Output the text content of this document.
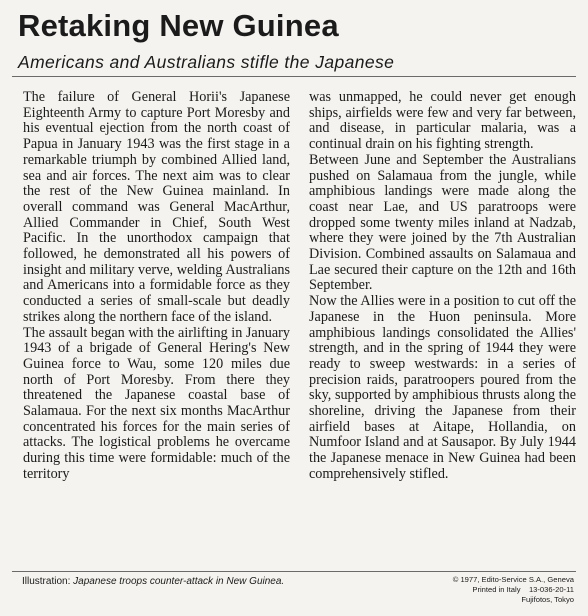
Retaking New Guinea
Americans and Australians stifle the Japanese

The failure of General Horii's Japanese Eighteenth Army to capture Port Moresby and his eventual ejection from the north coast of Papua in January 1943 was the first stage in a remarkable triumph by combined Allied land, sea and air forces. The next aim was to clear the rest of the New Guinea mainland. In overall command was General MacArthur, Allied Commander in Chief, South West Pacific. In the unorthodox campaign that followed, he demonstrated all his powers of insight and military verve, welding Australians and Americans into a formidable force as they conducted a series of small-scale but deadly strikes along the northern face of the island.

The assault began with the airlifting in January 1943 of a brigade of General Hering's New Guinea force to Wau, some 120 miles due north of Port Moresby. From there they threatened the Japanese coastal base of Salamaua. For the next six months MacArthur concentrated his forces for the main series of attacks. The logistical problems he overcame during this time were formidable: much of the territory

was unmapped, he could never get enough ships, airfields were few and very far between, and disease, in particular malaria, was a continual drain on his fighting strength.

Between June and September the Australians pushed on Salamaua from the jungle, while amphibious landings were made along the coast near Lae, and US paratroops were dropped some twenty miles inland at Nadzab, where they were joined by the 7th Australian Division. Combined assaults on Salamaua and Lae secured their capture on the 12th and 16th September.

Now the Allies were in a position to cut off the Japanese in the Huon peninsula. More amphibious landings consolidated the Allies' strength, and in the spring of 1944 they were ready to sweep westwards: in a series of precision raids, paratroopers poured from the sky, supported by amphibious thrusts along the shoreline, driving the Japanese from their airfield bases at Aitape, Hollandia, on Numfoor Island and at Sausapor. By July 1944 the Japanese menace in New Guinea had been comprehensively stifled.

Illustration: Japanese troops counter-attack in New Guinea.	© 1977, Edito-Service S.A., Geneva
Printed in Italy 13-036-20-11
Fujifotos, Tokyo
